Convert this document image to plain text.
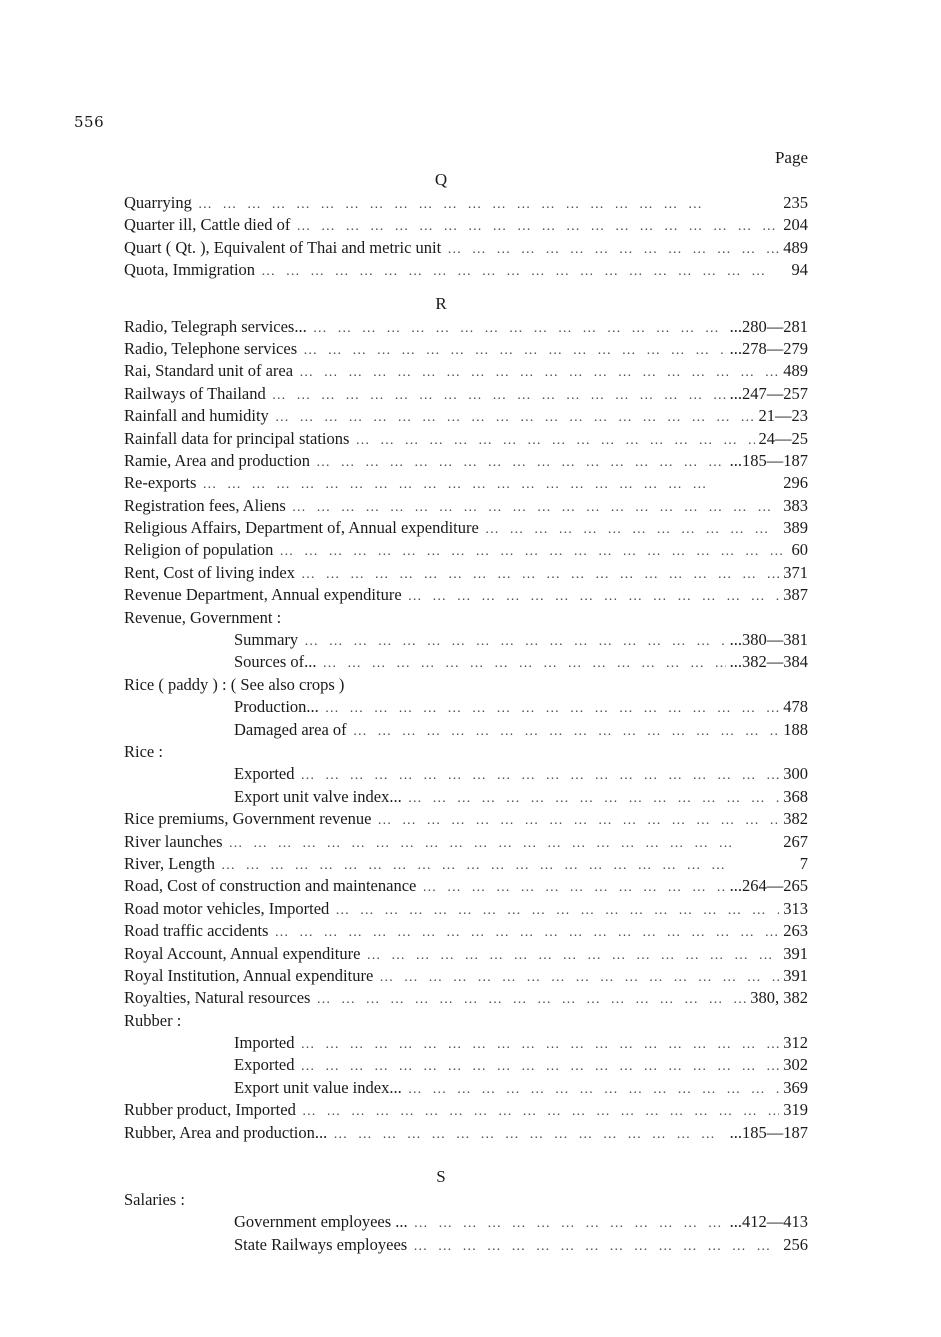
556
Page
Q
Quarrying …   …   …   …   …   …   …   …   …   …   …   …   …   …   …   …   …   …   …   …   …	235
Quarter ill, Cattle died of …   …   …   …   …   …   …   …   …   …   …   …   …   …   …   …   …   …   …   …   …	204
Quart ( Qt. ), Equivalent of Thai and metric unit …   …   …   …   …   …   …   …   …   …   …   …   …   …   …   …   …   …   …   …   …	489
Quota, Immigration …   …   …   …   …   …   …   …   …   …   …   …   …   …   …   …   …   …   …   …   …	94
R
Radio, Telegraph services... …   …   …   …   …   …   …   …   …   …   …   …   …   …   …   …   …   …   …   …   …	...280—281
Radio, Telephone services …   …   …   …   …   …   …   …   …   …   …   …   …   …   …   …   …   …   …   …   …	...278—279
Rai, Standard unit of area …   …   …   …   …   …   …   …   …   …   …   …   …   …   …   …   …   …   …   …   …	489
Railways of Thailand …   …   …   …   …   …   …   …   …   …   …   …   …   …   …   …   …   …   …   …   …	...247—257
Rainfall and humidity …   …   …   …   …   …   …   …   …   …   …   …   …   …   …   …   …   …   …   …   …	21—23
Rainfall data for principal stations …   …   …   …   …   …   …   …   …   …   …   …   …   …   …   …   …   …   …   …   …	24—25
Ramie, Area and production …   …   …   …   …   …   …   …   …   …   …   …   …   …   …   …   …   …   …   …   …	...185—187
Re-exports …   …   …   …   …   …   …   …   …   …   …   …   …   …   …   …   …   …   …   …   …	296
Registration fees, Aliens …   …   …   …   …   …   …   …   …   …   …   …   …   …   …   …   …   …   …   …   …	383
Religious Affairs, Department of, Annual expenditure …   …   …   …   …   …   …   …   …   …   …   …   …   …   …   …   …   …   …   …   …	389
Religion of population …   …   …   …   …   …   …   …   …   …   …   …   …   …   …   …   …   …   …   …   …	60
Rent, Cost of living index …   …   …   …   …   …   …   …   …   …   …   …   …   …   …   …   …   …   …   …   …	371
Revenue Department, Annual expenditure …   …   …   …   …   …   …   …   …   …   …   …   …   …   …   …   …   …   …   …   …	387
Revenue, Government :
Summary …   …   …   …   …   …   …   …   …   …   …   …   …   …   …   …   …   …   …   …   …	...380—381
Sources of... …   …   …   …   …   …   …   …   …   …   …   …   …   …   …   …   …   …   …   …   …	...382—384
Rice ( paddy ) : ( See also crops )
Production... …   …   …   …   …   …   …   …   …   …   …   …   …   …   …   …   …   …   …   …   …	478
Damaged area of …   …   …   …   …   …   …   …   …   …   …   …   …   …   …   …   …   …   …   …   …	188
Rice :
Exported …   …   …   …   …   …   …   …   …   …   …   …   …   …   …   …   …   …   …   …   …	300
Export unit valve index... …   …   …   …   …   …   …   …   …   …   …   …   …   …   …   …   …   …   …   …   …	368
Rice premiums, Government revenue …   …   …   …   …   …   …   …   …   …   …   …   …   …   …   …   …   …   …   …   …	382
River launches …   …   …   …   …   …   …   …   …   …   …   …   …   …   …   …   …   …   …   …   …	267
River, Length …   …   …   …   …   …   …   …   …   …   …   …   …   …   …   …   …   …   …   …   …	7
Road, Cost of construction and maintenance …   …   …   …   …   …   …   …   …   …   …   …   …   …   …   …   …   …   …   …   …	...264—265
Road motor vehicles, Imported …   …   …   …   …   …   …   …   …   …   …   …   …   …   …   …   …   …   …   …   …	313
Road traffic accidents …   …   …   …   …   …   …   …   …   …   …   …   …   …   …   …   …   …   …   …   …	263
Royal Account, Annual expenditure …   …   …   …   …   …   …   …   …   …   …   …   …   …   …   …   …   …   …   …   …	391
Royal Institution, Annual expenditure …   …   …   …   …   …   …   …   …   …   …   …   …   …   …   …   …   …   …   …   …	391
Royalties, Natural resources …   …   …   …   …   …   …   …   …   …   …   …   …   …   …   …   …   …   …   …   …	380, 382
Rubber :
Imported …   …   …   …   …   …   …   …   …   …   …   …   …   …   …   …   …   …   …   …   …	312
Exported …   …   …   …   …   …   …   …   …   …   …   …   …   …   …   …   …   …   …   …   …	302
Export unit value index... …   …   …   …   …   …   …   …   …   …   …   …   …   …   …   …   …   …   …   …   …	369
Rubber product, Imported …   …   …   …   …   …   …   …   …   …   …   …   …   …   …   …   …   …   …   …   …	319
Rubber, Area and production... …   …   …   …   …   …   …   …   …   …   …   …   …   …   …   …   …   …   …   …   …	...185—187
S
Salaries :
Government employees ... …   …   …   …   …   …   …   …   …   …   …   …   …   …   …   …   …   …   …   …   …	...412—413
State Railways employees …   …   …   …   …   …   …   …   …   …   …   …   …   …   …   …   …   …   …   …   …	256
